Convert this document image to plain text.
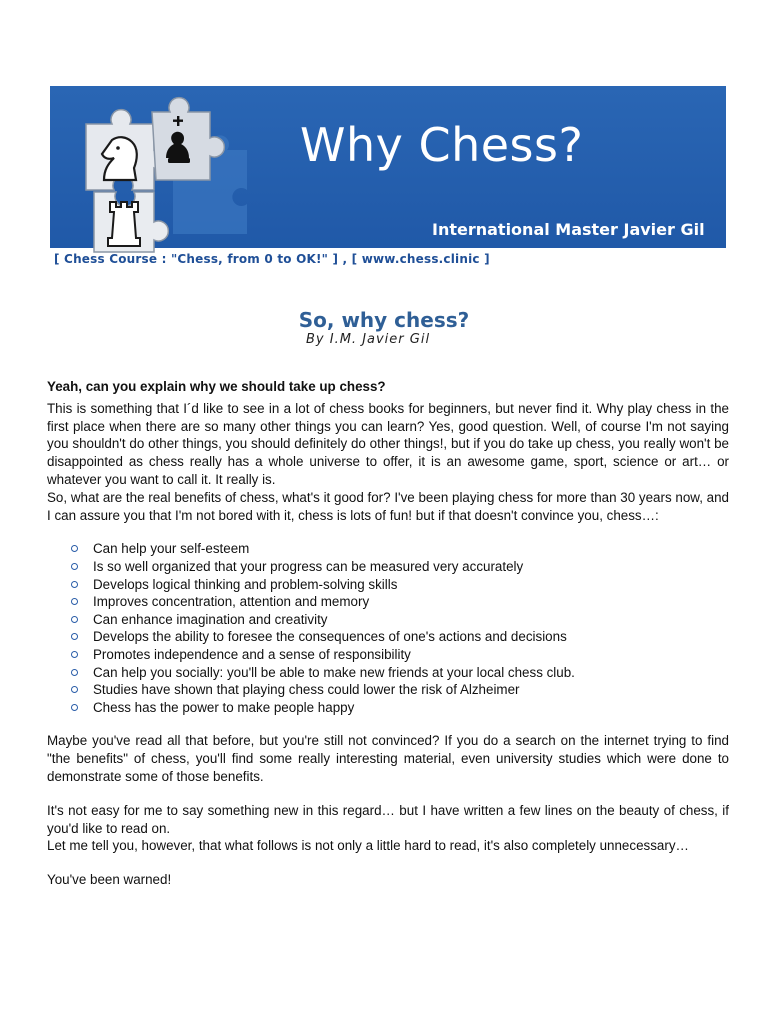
Why Chess?
International Master Javier Gil
[ Chess Course : "Chess, from 0 to OK!" ] , [ www.chess.clinic ]
So, why chess?
By I.M. Javier Gil

Yeah, can you explain why we should take up chess?

This is something that I´d like to see in a lot of chess books for beginners, but never find it. Why play chess in the first place when there are so many other things you can learn? Yes, good question. Well, of course I'm not saying you shouldn't do other things, you should definitely do other things!, but if you do take up chess, you really won't be disappointed as chess really has a whole universe to offer, it is an awesome game, sport, science or art… or whatever you want to call it. It really is.

So, what are the real benefits of chess, what's it good for? I've been playing chess for more than 30 years now, and I can assure you that I'm not bored with it, chess is lots of fun! but if that doesn't convince you, chess…:

Can help your self-esteem
Is so well organized that your progress can be measured very accurately
Develops logical thinking and problem-solving skills
Improves concentration, attention and memory
Can enhance imagination and creativity
Develops the ability to foresee the consequences of one's actions and decisions
Promotes independence and a sense of responsibility
Can help you socially: you'll be able to make new friends at your local chess club.
Studies have shown that playing chess could lower the risk of Alzheimer
Chess has the power to make people happy

Maybe you've read all that before, but you're still not convinced? If you do a search on the internet trying to find "the benefits" of chess, you'll find some really interesting material, even university studies which were done to demonstrate some of those benefits.

It's not easy for me to say something new in this regard… but I have written a few lines on the beauty of chess, if you'd like to read on.

Let me tell you, however, that what follows is not only a little hard to read, it's also completely unnecessary…

You've been warned!
